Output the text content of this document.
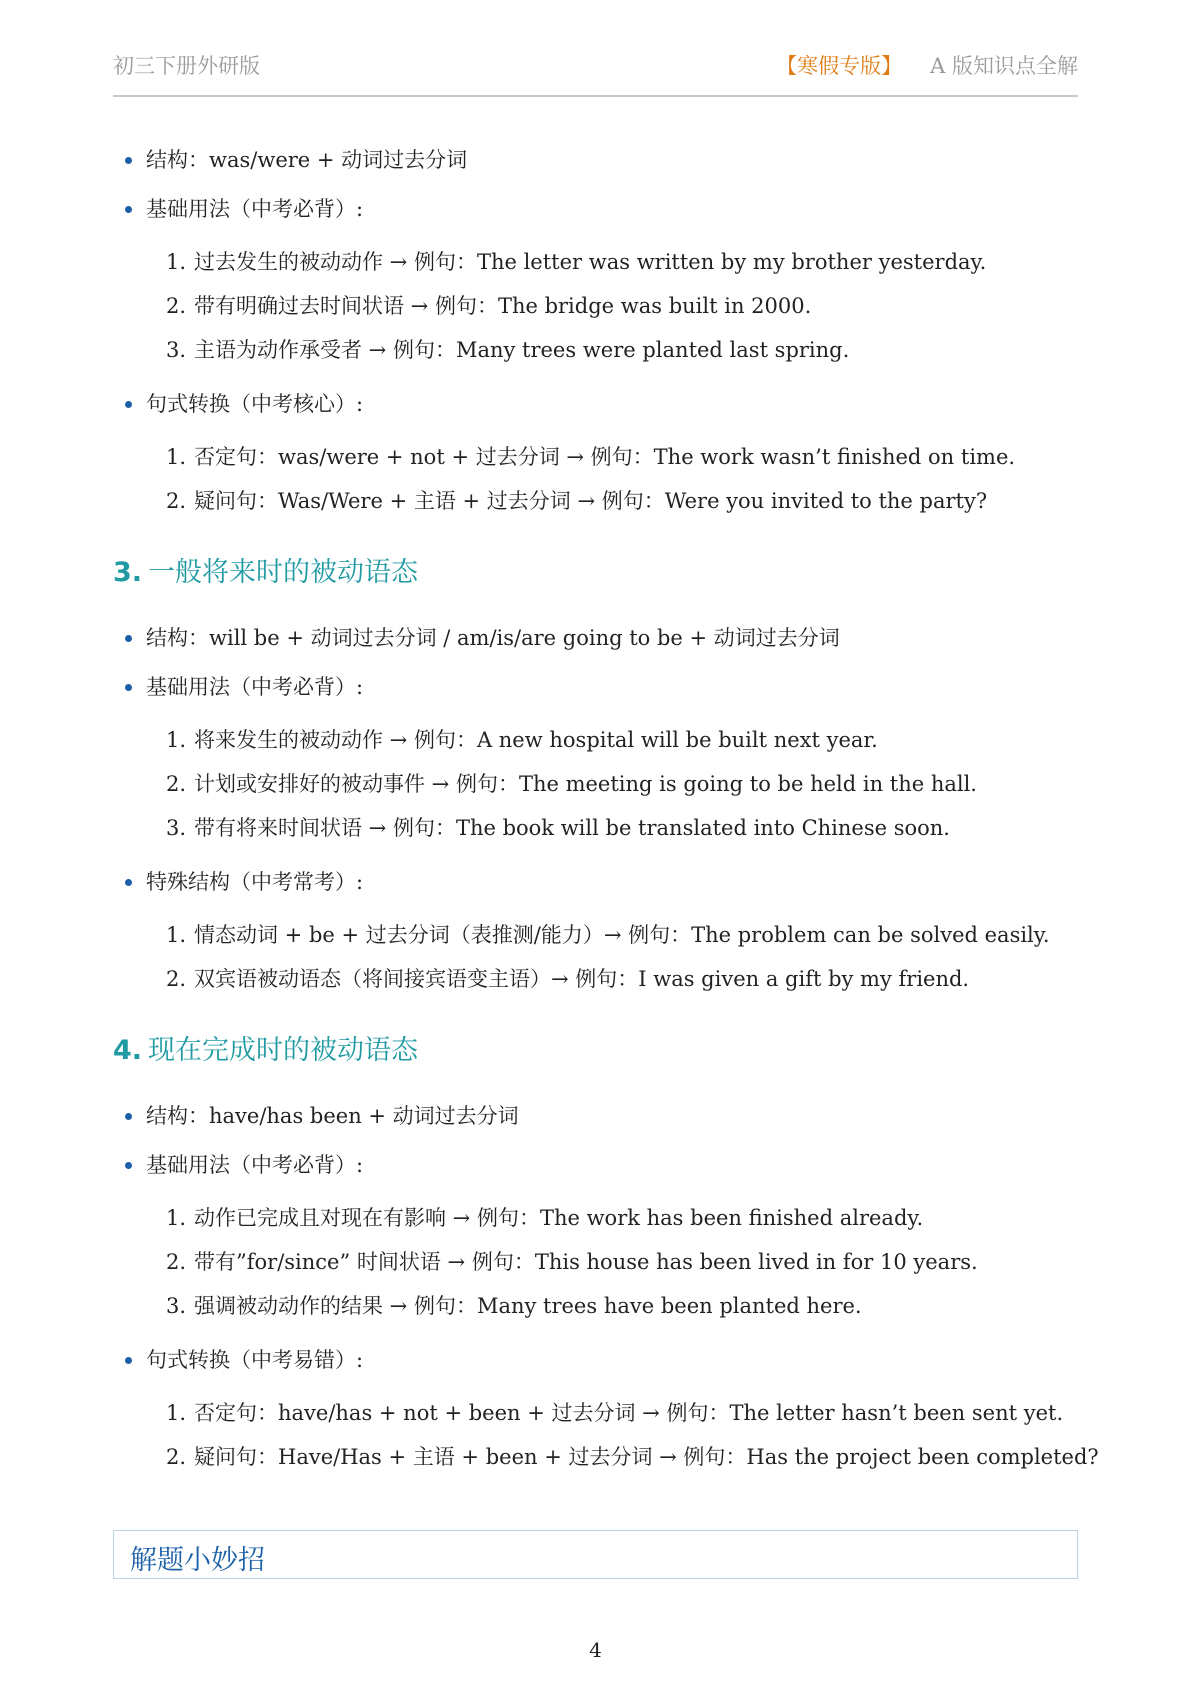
初三下册外研版	【寒假专版】 A 版知识点全解
结构：was/were + 动词过去分词
基础用法（中考必背）:
1. 过去发生的被动动作 → 例句：The letter was written by my brother yesterday.
2. 带有明确过去时间状语 → 例句：The bridge was built in 2000.
3. 主语为动作承受者 → 例句：Many trees were planted last spring.
句式转换（中考核心）:
1. 否定句：was/were + not + 过去分词 → 例句：The work wasn’t finished on time.
2. 疑问句：Was/Were + 主语 + 过去分词 → 例句：Were you invited to the party?
3. 一般将来时的被动语态
结构：will be + 动词过去分词 / am/is/are going to be + 动词过去分词
基础用法（中考必背）:
1. 将来发生的被动动作 → 例句：A new hospital will be built next year.
2. 计划或安排好的被动事件 → 例句：The meeting is going to be held in the hall.
3. 带有将来时间状语 → 例句：The book will be translated into Chinese soon.
特殊结构（中考常考）:
1. 情态动词 + be + 过去分词（表推测/能力）→ 例句：The problem can be solved easily.
2. 双宾语被动语态（将间接宾语变主语）→ 例句：I was given a gift by my friend.
4. 现在完成时的被动语态
结构：have/has been + 动词过去分词
基础用法（中考必背）:
1. 动作已完成且对现在有影响 → 例句：The work has been finished already.
2. 带有”for/since” 时间状语 → 例句：This house has been lived in for 10 years.
3. 强调被动动作的结果 → 例句：Many trees have been planted here.
句式转换（中考易错）:
1. 否定句：have/has + not + been + 过去分词 → 例句：The letter hasn’t been sent yet.
2. 疑问句：Have/Has + 主语 + been + 过去分词 → 例句：Has the project been completed?
解题小妙招
4
